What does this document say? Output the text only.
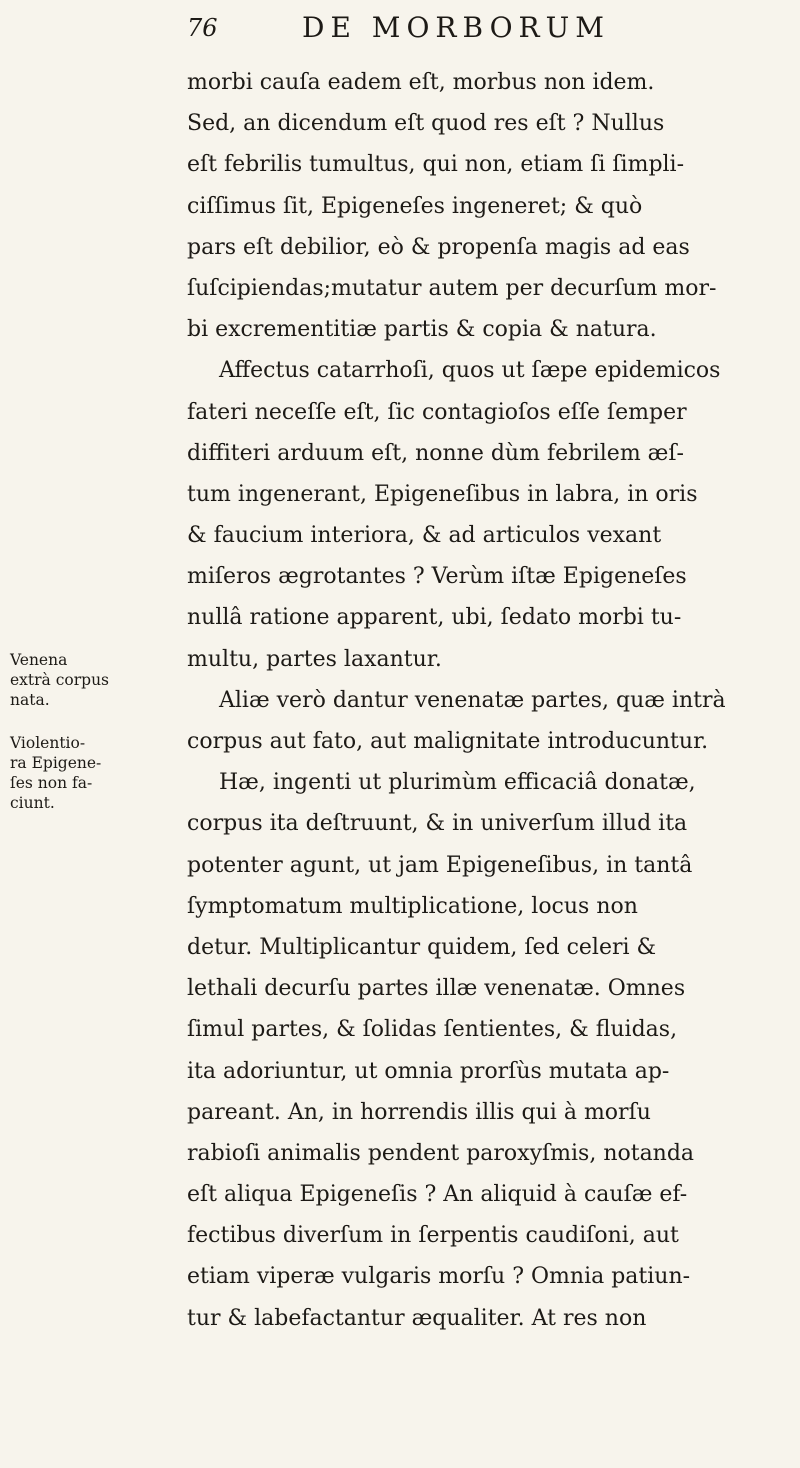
76	DE MORBORUM
Venena
extrà corpus
nata.
Violentio-
ra Epigene-
ſes non fa-
ciunt.
morbi cauſa eadem eſt, morbus non idem.
Sed, an dicendum eſt quod res eſt ? Nullus
eſt febrilis tumultus, qui non, etiam ſi ſimpli-
ciſſimus ſit, Epigeneſes ingeneret; & quò
pars eſt debilior, eò & propenſa magis ad eas
ſuſcipiendas;mutatur autem per decurſum mor-
bi excrementitiæ partis & copia & natura.
Affectus catarrhoſi, quos ut ſæpe epidemicos
fateri neceſſe eſt, ſic contagioſos eſſe ſemper
diffiteri arduum eſt, nonne dùm febrilem æſ-
tum ingenerant, Epigeneſibus in labra, in oris
& faucium interiora, & ad articulos vexant
miſeros ægrotantes ? Verùm iſtæ Epigeneſes
nullâ ratione apparent, ubi, ſedato morbi tu-
multu, partes laxantur.
Aliæ verò dantur venenatæ partes, quæ intrà
corpus aut fato, aut malignitate introducuntur.
Hæ, ingenti ut plurimùm efficaciâ donatæ,
corpus ita deſtruunt, & in univerſum illud ita
potenter agunt, ut jam Epigeneſibus, in tantâ
ſymptomatum multiplicatione, locus non
detur. Multiplicantur quidem, ſed celeri &
lethali decurſu partes illæ venenatæ. Omnes
ſimul partes, & ſolidas ſentientes, & fluidas,
ita adoriuntur, ut omnia prorſùs mutata ap-
pareant. An, in horrendis illis qui à morſu
rabioſi animalis pendent paroxyſmis, notanda
eſt aliqua Epigeneſis ? An aliquid à cauſæ ef-
fectibus diverſum in ſerpentis caudiſoni, aut
etiam viperæ vulgaris morſu ? Omnia patiun-
tur & labefactantur æqualiter. At res non
